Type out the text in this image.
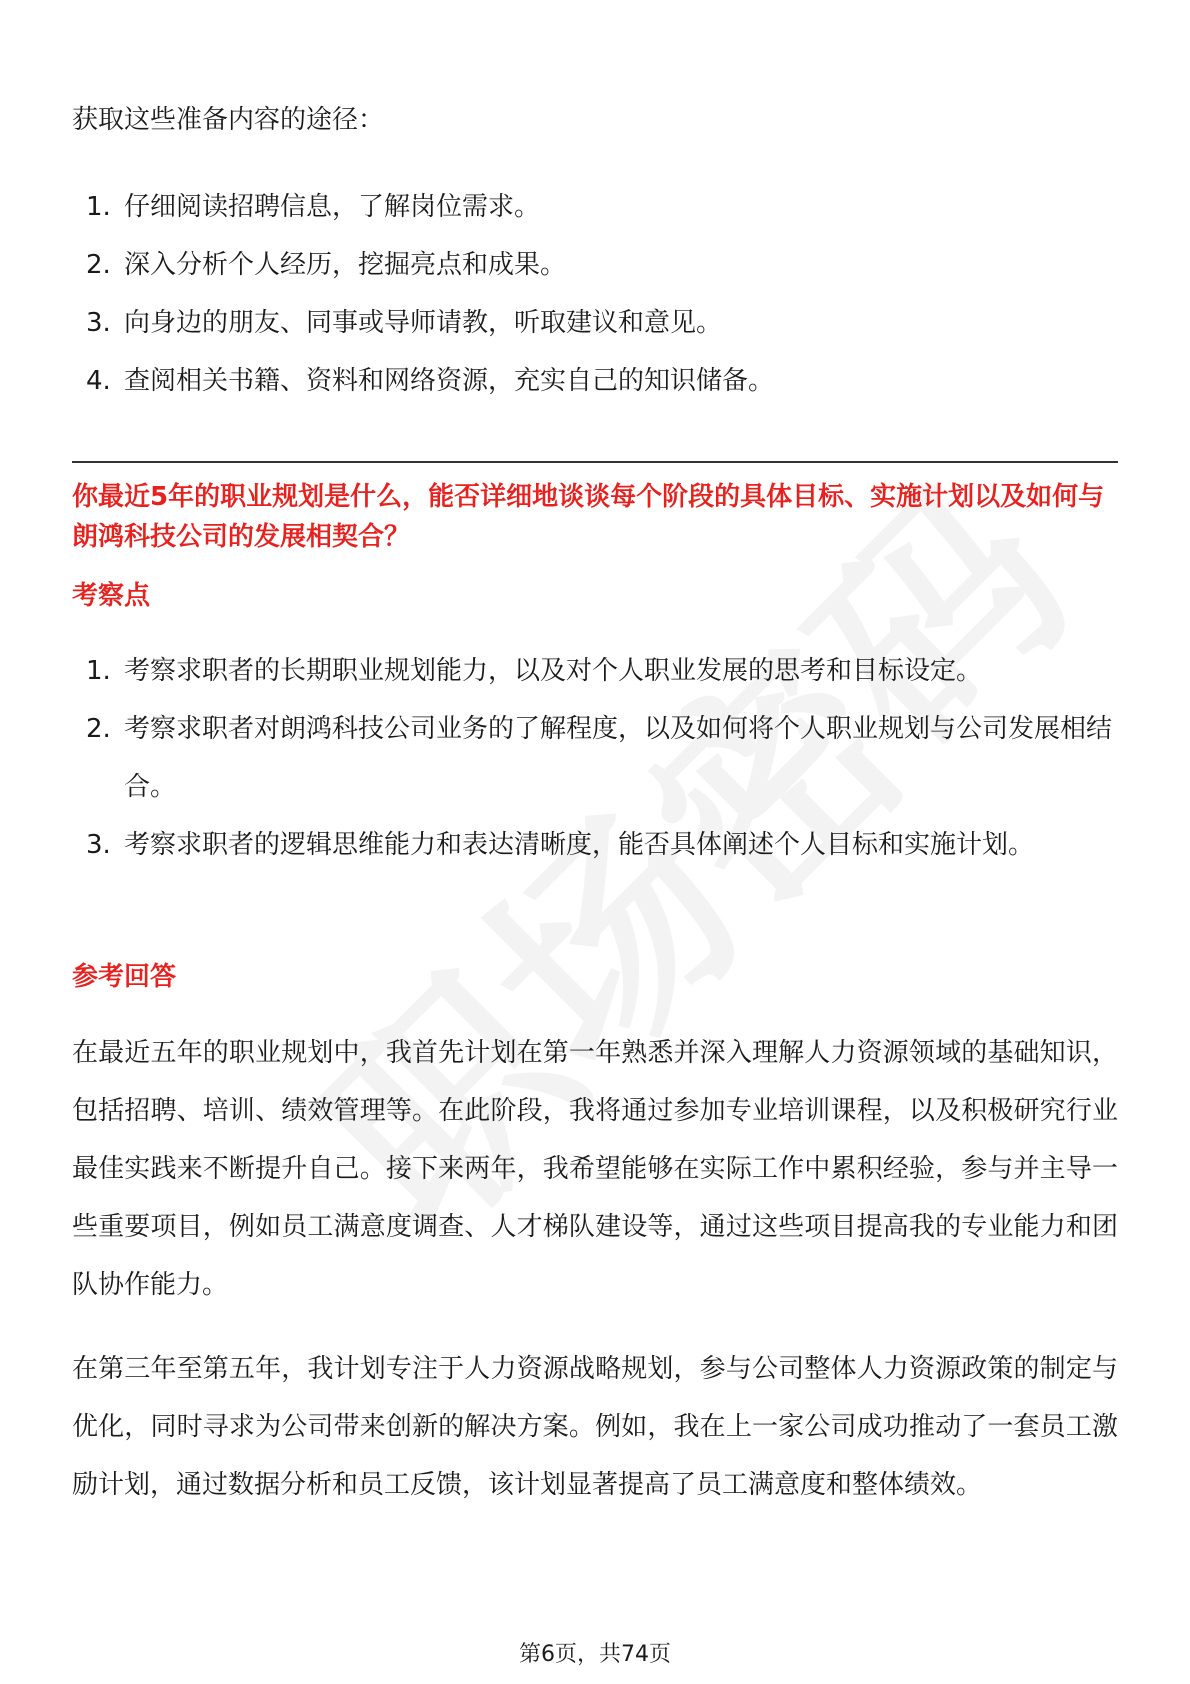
获取这些准备内容的途径：

1. 仔细阅读招聘信息，了解岗位需求。
2. 深入分析个人经历，挖掘亮点和成果。
3. 向身边的朋友、同事或导师请教，听取建议和意见。
4. 查阅相关书籍、资料和网络资源，充实自己的知识储备。

你最近5年的职业规划是什么，能否详细地谈谈每个阶段的具体目标、实施计划以及如何与朗鸿科技公司的发展相契合？

考察点

1. 考察求职者的长期职业规划能力，以及对个人职业发展的思考和目标设定。
2. 考察求职者对朗鸿科技公司业务的了解程度，以及如何将个人职业规划与公司发展相结合。
3. 考察求职者的逻辑思维能力和表达清晰度，能否具体阐述个人目标和实施计划。

参考回答

在最近五年的职业规划中，我首先计划在第一年熟悉并深入理解人力资源领域的基础知识，包括招聘、培训、绩效管理等。在此阶段，我将通过参加专业培训课程，以及积极研究行业最佳实践来不断提升自己。接下来两年，我希望能够在实际工作中累积经验，参与并主导一些重要项目，例如员工满意度调查、人才梯队建设等，通过这些项目提高我的专业能力和团队协作能力。

在第三年至第五年，我计划专注于人力资源战略规划，参与公司整体人力资源政策的制定与优化，同时寻求为公司带来创新的解决方案。例如，我在上一家公司成功推动了一套员工激励计划，通过数据分析和员工反馈，该计划显著提高了员工满意度和整体绩效。

第6页，共74页
